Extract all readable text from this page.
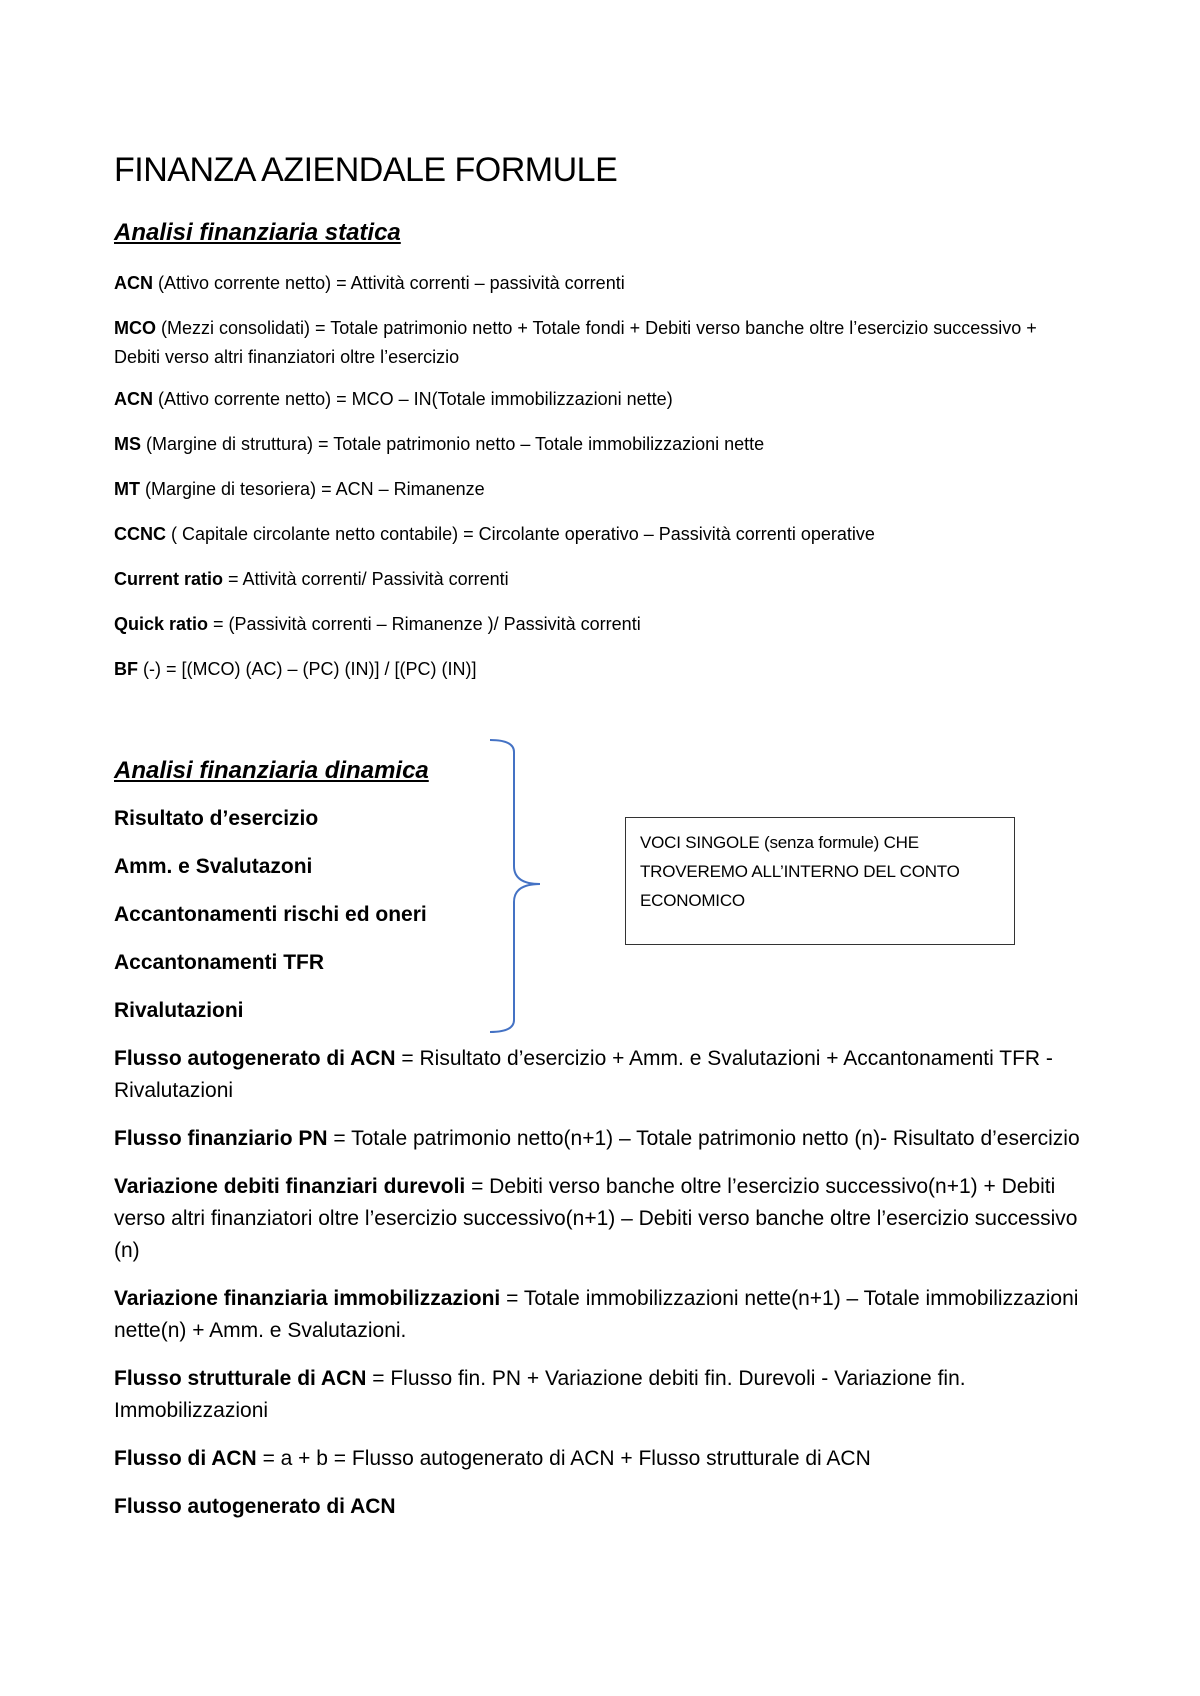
FINANZA AZIENDALE FORMULE
Analisi finanziaria statica
ACN (Attivo corrente netto) = Attività correnti – passività correnti
MCO (Mezzi consolidati) = Totale patrimonio netto + Totale fondi + Debiti verso banche oltre l’esercizio successivo + Debiti verso altri finanziatori oltre l’esercizio
ACN (Attivo corrente netto) = MCO – IN(Totale immobilizzazioni nette)
MS (Margine di struttura) = Totale patrimonio netto – Totale immobilizzazioni nette
MT (Margine di tesoriera) = ACN – Rimanenze
CCNC ( Capitale circolante netto contabile) = Circolante operativo – Passività correnti operative
Current ratio = Attività correnti/ Passività correnti
Quick ratio = (Passività correnti – Rimanenze )/ Passività correnti
BF (-) = [(MCO) (AC) – (PC) (IN)] / [(PC) (IN)]
Analisi finanziaria dinamica
Risultato d’esercizio
Amm. e Svalutazoni
Accantonamenti rischi ed oneri
Accantonamenti TFR
Rivalutazioni
VOCI SINGOLE (senza formule) CHE TROVEREMO ALL’INTERNO DEL CONTO ECONOMICO
Flusso autogenerato di ACN = Risultato d’esercizio + Amm. e Svalutazioni + Accantonamenti TFR - Rivalutazioni
Flusso finanziario PN = Totale patrimonio netto(n+1) – Totale patrimonio netto (n)- Risultato d’esercizio
Variazione debiti finanziari durevoli = Debiti verso banche oltre l’esercizio successivo(n+1) + Debiti verso altri finanziatori oltre l’esercizio successivo(n+1) – Debiti verso banche oltre l’esercizio successivo (n)
Variazione finanziaria immobilizzazioni = Totale immobilizzazioni nette(n+1) – Totale immobilizzazioni nette(n) + Amm. e Svalutazioni.
Flusso strutturale di ACN = Flusso fin. PN + Variazione debiti fin. Durevoli - Variazione fin. Immobilizzazioni
Flusso di ACN = a + b = Flusso autogenerato di ACN + Flusso strutturale di ACN
Flusso autogenerato di ACN
